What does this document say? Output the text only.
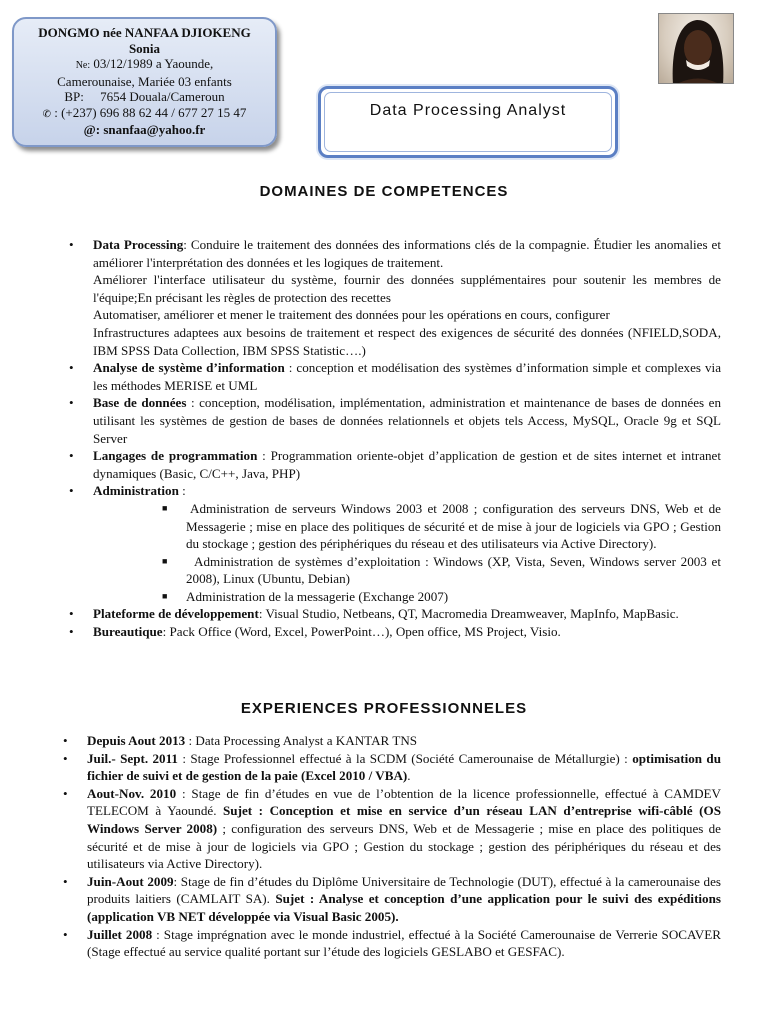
DONGMO née NANFAA DJIOKENG
Sonia
Ne: 03/12/1989 a Yaounde,
Camerounaise, Mariée 03 enfants
BP: 7654 Douala/Cameroun
✆ : (+237) 696 88 62 44 / 677 27 15 47
@: snanfaa@yahoo.fr
Data Processing Analyst
DOMAINES DE COMPETENCES
• Data Processing: Conduire le traitement des données des informations clés de la compagnie. Étudier les anomalies et améliorer l'interprétation des données et les logiques de traitement.
Améliorer l'interface utilisateur du système, fournir des données supplémentaires pour soutenir les membres de l'équipe;En précisant les règles de protection des recettes
Automatiser, améliorer et mener le traitement des données pour les opérations en cours, configurer
Infrastructures adaptees aux besoins de traitement et respect des exigences de sécurité des données (NFIELD,SODA, IBM SPSS Data Collection, IBM SPSS Statistic….)
• Analyse de système d’information : conception et modélisation des systèmes d’information simple et complexes via les méthodes MERISE et UML
• Base de données : conception, modélisation, implémentation, administration et maintenance de bases de données en utilisant les systèmes de gestion de bases de données relationnels et objets tels Access, MySQL, Oracle 9g et SQL Server
• Langages de programmation : Programmation oriente-objet d’application de gestion et de sites internet et intranet dynamiques (Basic, C/C++, Java, PHP)
• Administration :
■ Administration de serveurs Windows 2003 et 2008 ; configuration des serveurs DNS, Web et de Messagerie ; mise en place des politiques de sécurité et de mise à jour de logiciels via GPO ; Gestion du stockage ; gestion des périphériques du réseau et des utilisateurs via Active Directory).
■ Administration de systèmes d’exploitation : Windows (XP, Vista, Seven, Windows server 2003 et 2008), Linux (Ubuntu, Debian)
■ Administration de la messagerie (Exchange 2007)
• Plateforme de développement: Visual Studio, Netbeans, QT, Macromedia Dreamweaver, MapInfo, MapBasic.
• Bureautique: Pack Office (Word, Excel, PowerPoint…), Open office, MS Project, Visio.
EXPERIENCES PROFESSIONNELES
• Depuis Aout 2013 : Data Processing Analyst a KANTAR TNS
• Juil.- Sept. 2011 : Stage Professionnel effectué à la SCDM (Société Camerounaise de Métallurgie) : optimisation du fichier de suivi et de gestion de la paie (Excel 2010 / VBA).
• Aout-Nov. 2010 : Stage de fin d’études en vue de l’obtention de la licence professionnelle, effectué à CAMDEV TELECOM à Yaoundé. Sujet : Conception et mise en service d’un réseau LAN d’entreprise wifi-câblé (OS Windows Server 2008) ; configuration des serveurs DNS, Web et de Messagerie ; mise en place des politiques de sécurité et de mise à jour de logiciels via GPO ; Gestion du stockage ; gestion des périphériques du réseau et des utilisateurs via Active Directory).
• Juin-Aout 2009: Stage de fin d’études du Diplôme Universitaire de Technologie (DUT), effectué à la camerounaise des produits laitiers (CAMLAIT SA). Sujet : Analyse et conception d’une application pour le suivi des expéditions (application VB NET développée via Visual Basic 2005).
• Juillet 2008 : Stage imprégnation avec le monde industriel, effectué à la Société Camerounaise de Verrerie SOCAVER (Stage effectué au service qualité portant sur l’étude des logiciels GESLABO et GESFAC).
